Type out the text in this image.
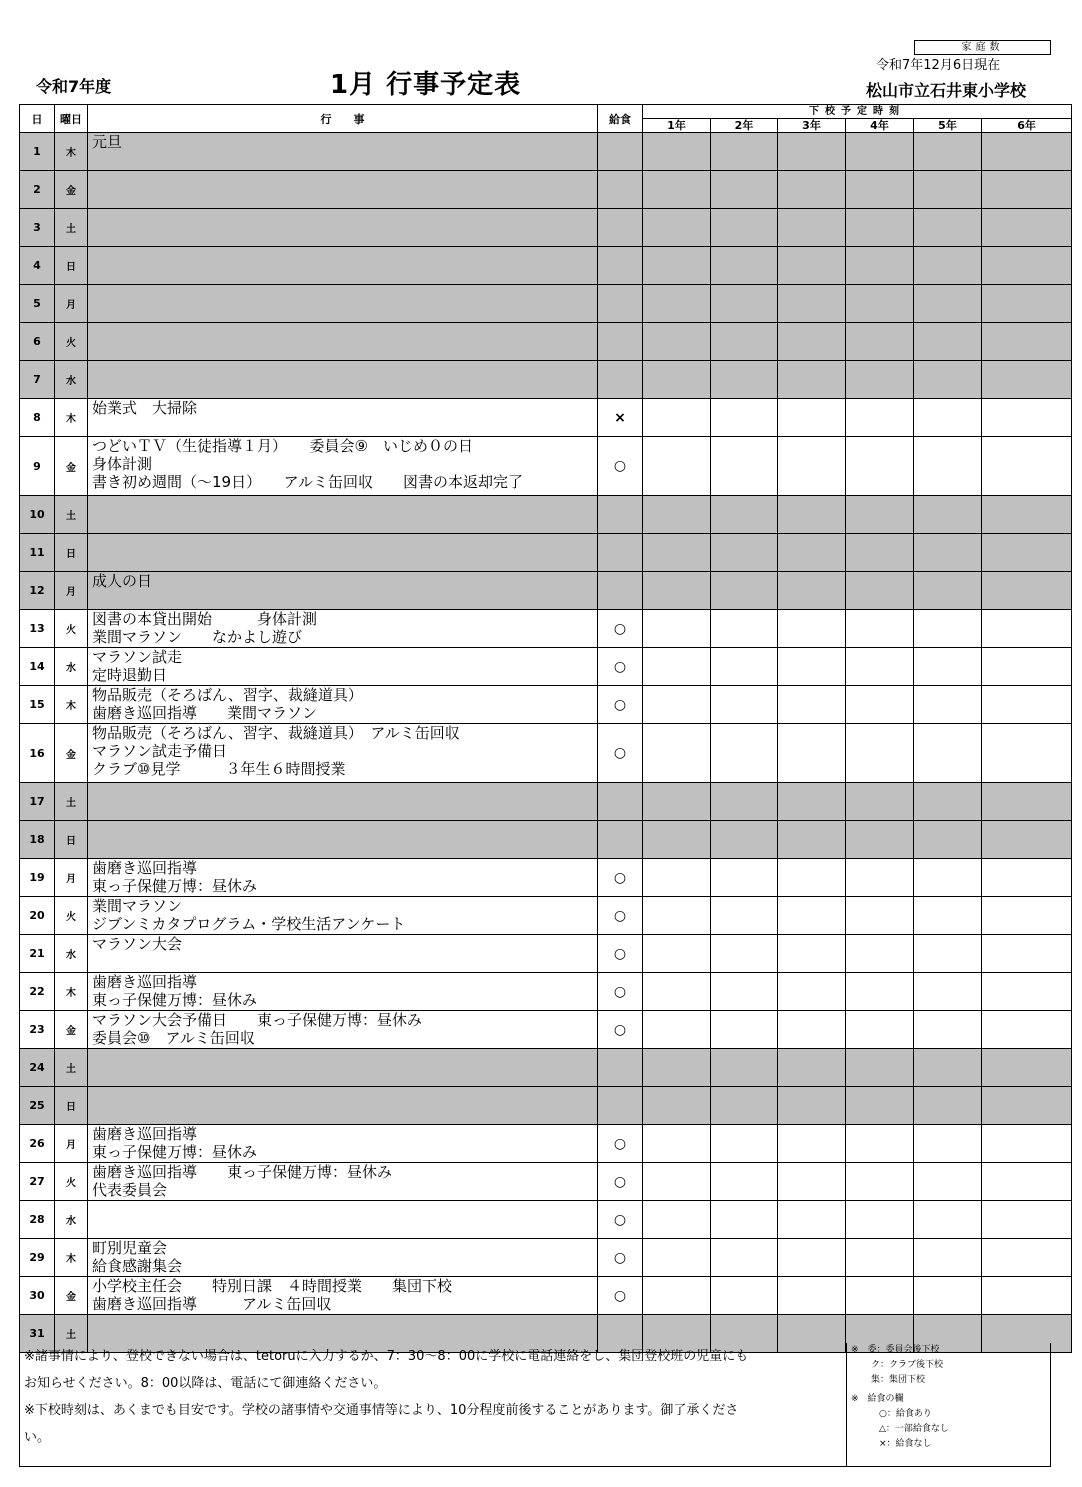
令和7年度	1月 行事予定表
家庭数
令和7年12月6日現在
松山市立石井東小学校
日	曜日	行　　事	給食	下校予定時刻					
				1年	2年	3年	4年	5年	6年
1	木	元旦							

2	金								
3	土								
4	日								
5	月								
6	火								
7	水								
8	木	始業式　大掃除	×						
9	金	つどいＴＶ（生徒指導１月）　　委員会⑨　いじめ０の日
身体計測
書き初め週間（～19日）　　アルミ缶回収　　図書の本返却完了	○						
10	土								
11	日								
12	月	成人の日							

13	火	図書の本貸出開始　　　身体計測
業間マラソン　　なかよし遊び	○						
14	水	マラソン試走
定時退勤日	○						
15	木	物品販売（そろばん、習字、裁縫道具）
歯磨き巡回指導　　業間マラソン	○						
16	金	物品販売（そろばん、習字、裁縫道具）　アルミ缶回収
マラソン試走予備日
クラブ⑩見学　　　３年生６時間授業	○						
17	土								
18	日								
19	月	歯磨き巡回指導
東っ子保健万博：昼休み	○						
20	火	業間マラソン
ジブンミカタプログラム・学校生活アンケート	○						
21	水	マラソン大会	○						
22	木	歯磨き巡回指導
東っ子保健万博：昼休み	○						
23	金	マラソン大会予備日　　東っ子保健万博：昼休み
委員会⑩　アルミ缶回収	○						
24	土								
25	日								
26	月	歯磨き巡回指導
東っ子保健万博：昼休み	○						
27	火	歯磨き巡回指導　　東っ子保健万博：昼休み
代表委員会	○						
28	水		○						
29	木	町別児童会
給食感謝集会	○						
30	金	小学校主任会　　特別日課　４時間授業　　集団下校
歯磨き巡回指導　　　アルミ缶回収	○						
31	土								
※諸事情により、登校できない場合は、tetoruに入力するか、7：30～8：00に学校に電話連絡をし、集団登校班の児童にも
お知らせください。8：00以降は、電話にて御連絡ください。
※下校時刻は、あくまでも目安です。学校の諸事情や交通事情等により、10分程度前後することがあります。御了承くださ
い。
※　委：委員会後下校
ク：クラブ後下校
集：集団下校
※　給食の欄
○：給食あり
△：一部給食なし
×：給食なし
